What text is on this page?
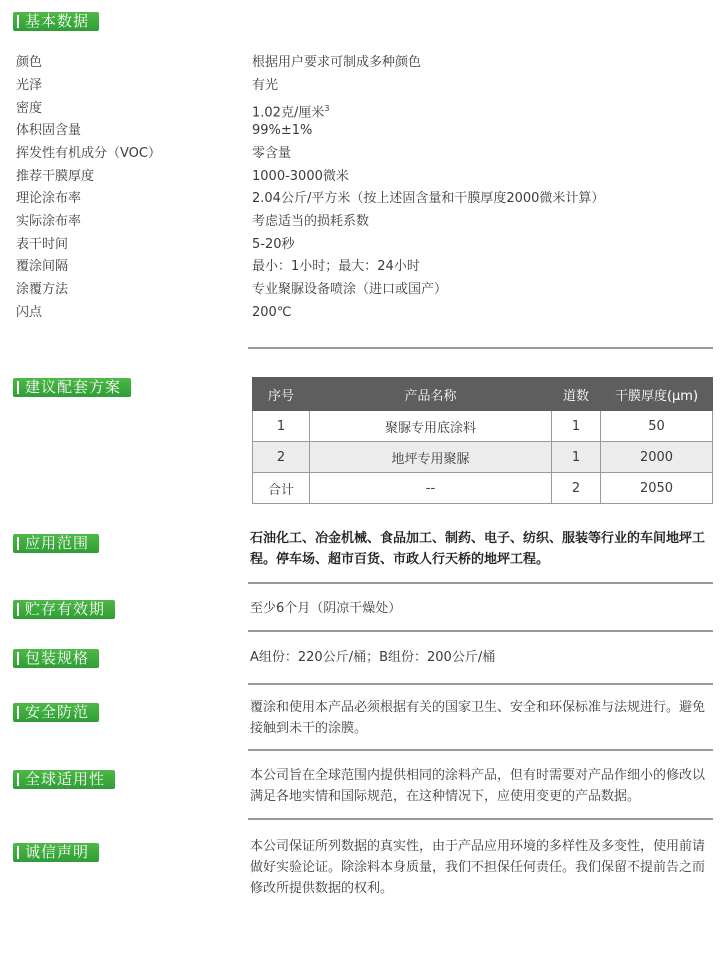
基本数据
颜色	根据用户要求可制成多种颜色
光泽	有光
密度	1.02克/厘米$^3$
体积固含量	99%±1%
挥发性有机成分（VOC）	零含量
推荐干膜厚度	1000-3000微米
理论涂布率	2.04公斤/平方米（按上述固含量和干膜厚度2000微米计算）
实际涂布率	考虑适当的损耗系数
表干时间	5-20秒
覆涂间隔	最小：1小时；最大：24小时
涂覆方法	专业聚脲设备喷涂（进口或国产）
闪点	200℃
建议配套方案	序号	产品名称	道数	干膜厚度(μm)
1	聚脲专用底涂料	1	50
2	地坪专用聚脲	1	2000
合计	--	2	2050
应用范围	石油化工、冶金机械、食品加工、制药、电子、纺织、服装等行业的车间地坪工程。停车场、超市百货、市政人行天桥的地坪工程。
贮存有效期	至少6个月（阴凉干燥处）
包装规格	A组份：220公斤/桶；B组份：200公斤/桶
安全防范	覆涂和使用本产品必须根据有关的国家卫生、安全和环保标准与法规进行。避免接触到未干的涂膜。
全球适用性	本公司旨在全球范围内提供相同的涂料产品，但有时需要对产品作细小的修改以满足各地实情和国际规范，在这种情况下，应使用变更的产品数据。
诚信声明	本公司保证所列数据的真实性，由于产品应用环境的多样性及多变性，使用前请做好实验论证。除涂料本身质量，我们不担保任何责任。我们保留不提前告之而修改所提供数据的权利。
